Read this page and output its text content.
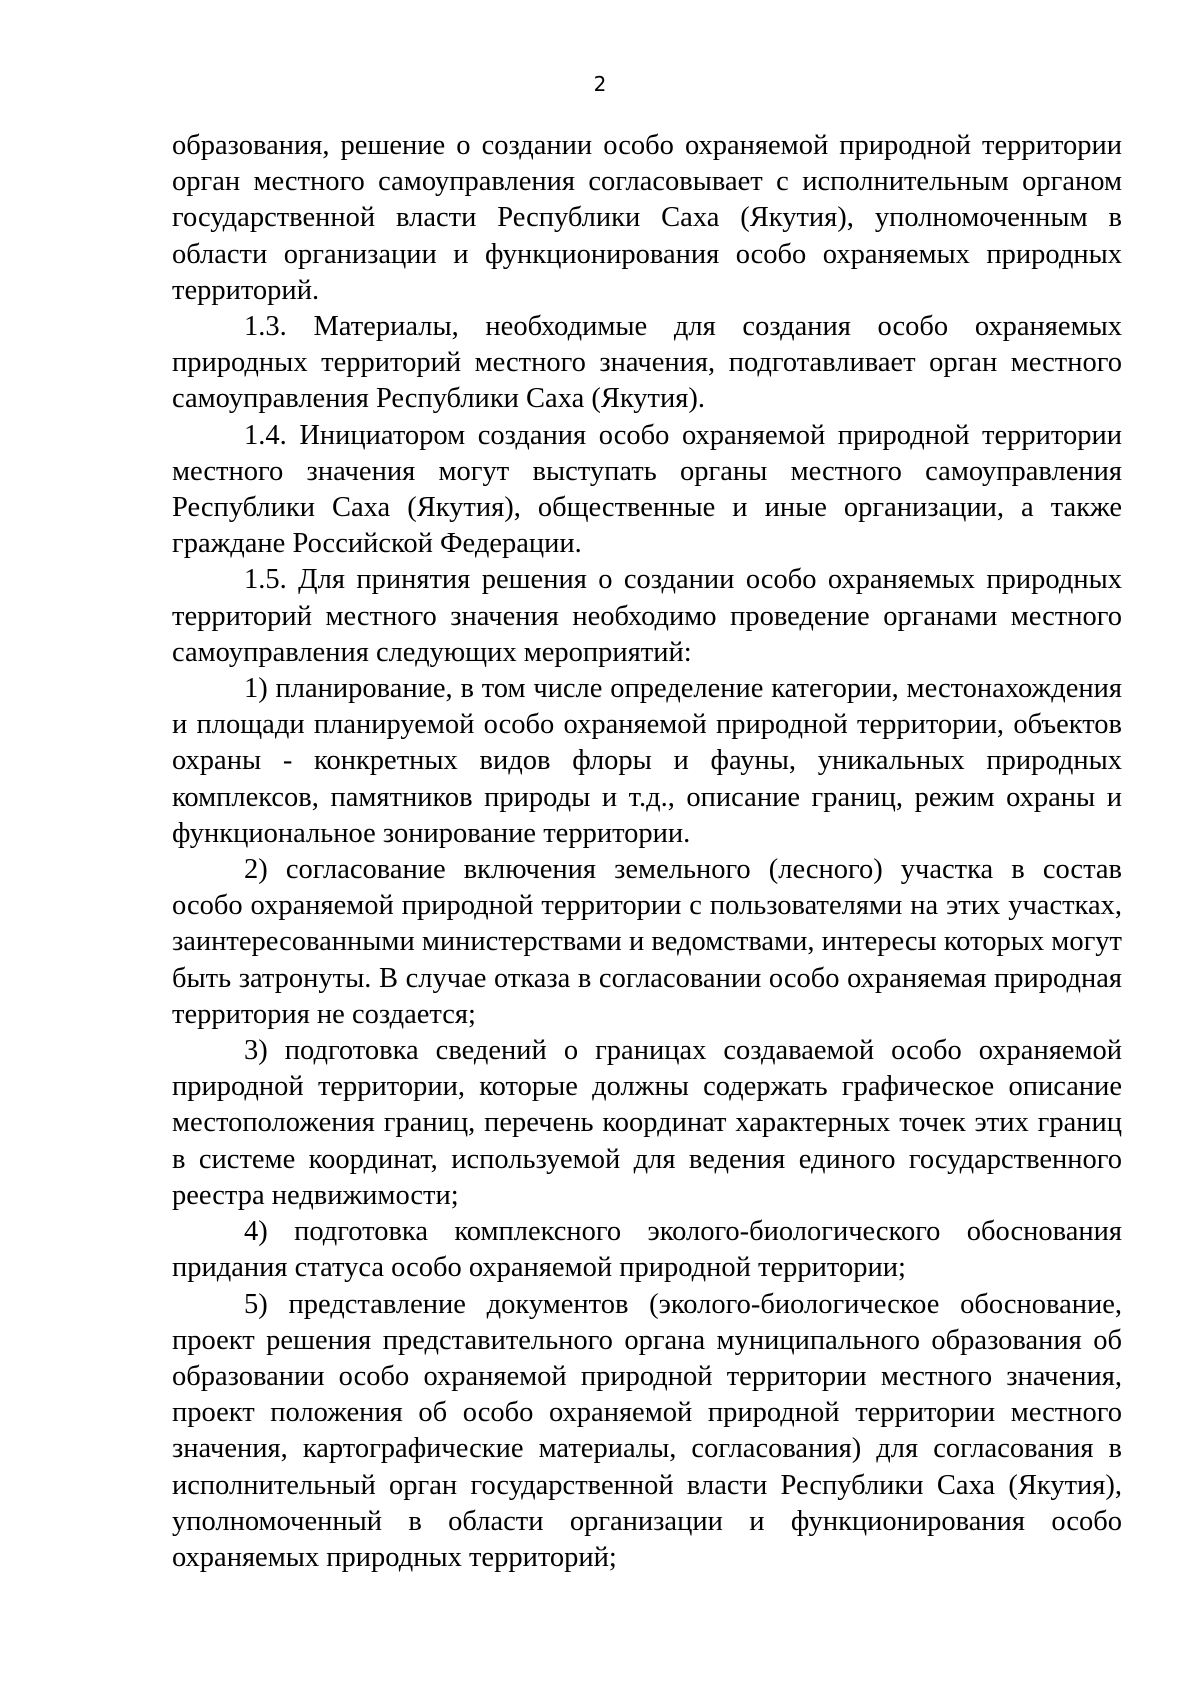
2

образования, решение о создании особо охраняемой природной территории орган местного самоуправления согласовывает с исполнительным органом государственной власти Республики Саха (Якутия), уполномоченным в области организации и функционирования особо охраняемых природных территорий.

1.3. Материалы, необходимые для создания особо охраняемых природных территорий местного значения, подготавливает орган местного самоуправления Республики Саха (Якутия).

1.4. Инициатором создания особо охраняемой природной территории местного значения могут выступать органы местного самоуправления Республики Саха (Якутия), общественные и иные организации, а также граждане Российской Федерации.

1.5. Для принятия решения о создании особо охраняемых природных территорий местного значения необходимо проведение органами местного самоуправления следующих мероприятий:

1) планирование, в том числе определение категории, местонахождения и площади планируемой особо охраняемой природной территории, объектов охраны - конкретных видов флоры и фауны, уникальных природных комплексов, памятников природы и т.д., описание границ, режим охраны и функциональное зонирование территории.

2) согласование включения земельного (лесного) участка в состав особо охраняемой природной территории с пользователями на этих участках, заинтересованными министерствами и ведомствами, интересы которых могут быть затронуты. В случае отказа в согласовании особо охраняемая природная территория не создается;

3) подготовка сведений о границах создаваемой особо охраняемой природной территории, которые должны содержать графическое описание местоположения границ, перечень координат характерных точек этих границ в системе координат, используемой для ведения единого государственного реестра недвижимости;

4) подготовка комплексного эколого-биологического обоснования придания статуса особо охраняемой природной территории;

5) представление документов (эколого-биологическое обоснование, проект решения представительного органа муниципального образования об образовании особо охраняемой природной территории местного значения, проект положения об особо охраняемой природной территории местного значения, картографические материалы, согласования) для согласования в исполнительный орган государственной власти Республики Саха (Якутия), уполномоченный в области организации и функционирования особо охраняемых природных территорий;
